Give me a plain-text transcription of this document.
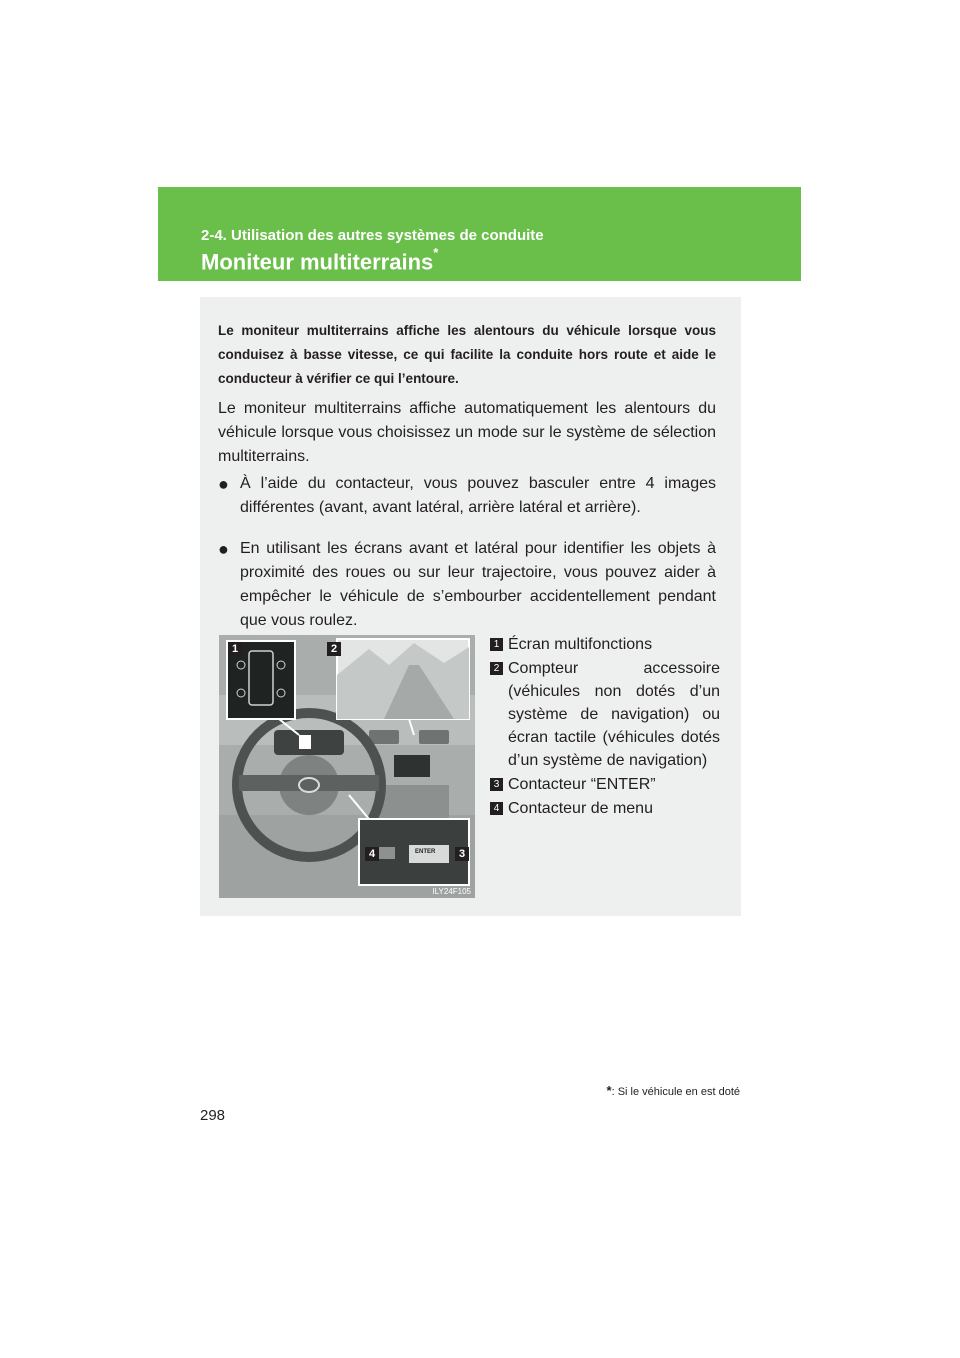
2-4. Utilisation des autres systèmes de conduite
Moniteur multiterrains*
Le moniteur multiterrains affiche les alentours du véhicule lorsque vous conduisez à basse vitesse, ce qui facilite la conduite hors route et aide le conducteur à vérifier ce qui l’entoure.
Le moniteur multiterrains affiche automatiquement les alentours du véhicule lorsque vous choisissez un mode sur le système de sélection multiterrains.
● À l’aide du contacteur, vous pouvez basculer entre 4 images différentes (avant, avant latéral, arrière latéral et arrière).
● En utilisant les écrans avant et latéral pour identifier les objets à proximité des roues ou sur leur trajectoire, vous pouvez aider à empêcher le véhicule de s’embourber accidentellement pendant que vous roulez.
1	2
3
4	ENTER
ILY24F105
1 Écran multifonctions
2 Compteur accessoire (véhicules non dotés d’un système de navigation) ou écran tactile (véhicules dotés d’un système de navigation)
3 Contacteur “ENTER”
4 Contacteur de menu
*: Si le véhicule en est doté
298
